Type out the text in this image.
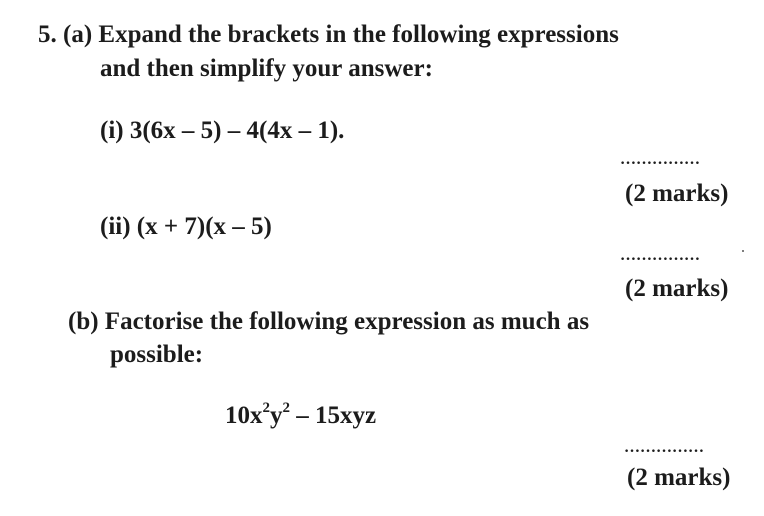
5. (a) Expand the brackets in the following expressions
and then simplify your answer:
(i) 3(6x – 5) – 4(4x – 1).
……………
(2 marks)
(ii) (x + 7)(x – 5)
……………
(2 marks)
(b) Factorise the following expression as much as
possible:
$10x^2y^2 - 15xyz$
……………
(2 marks)
